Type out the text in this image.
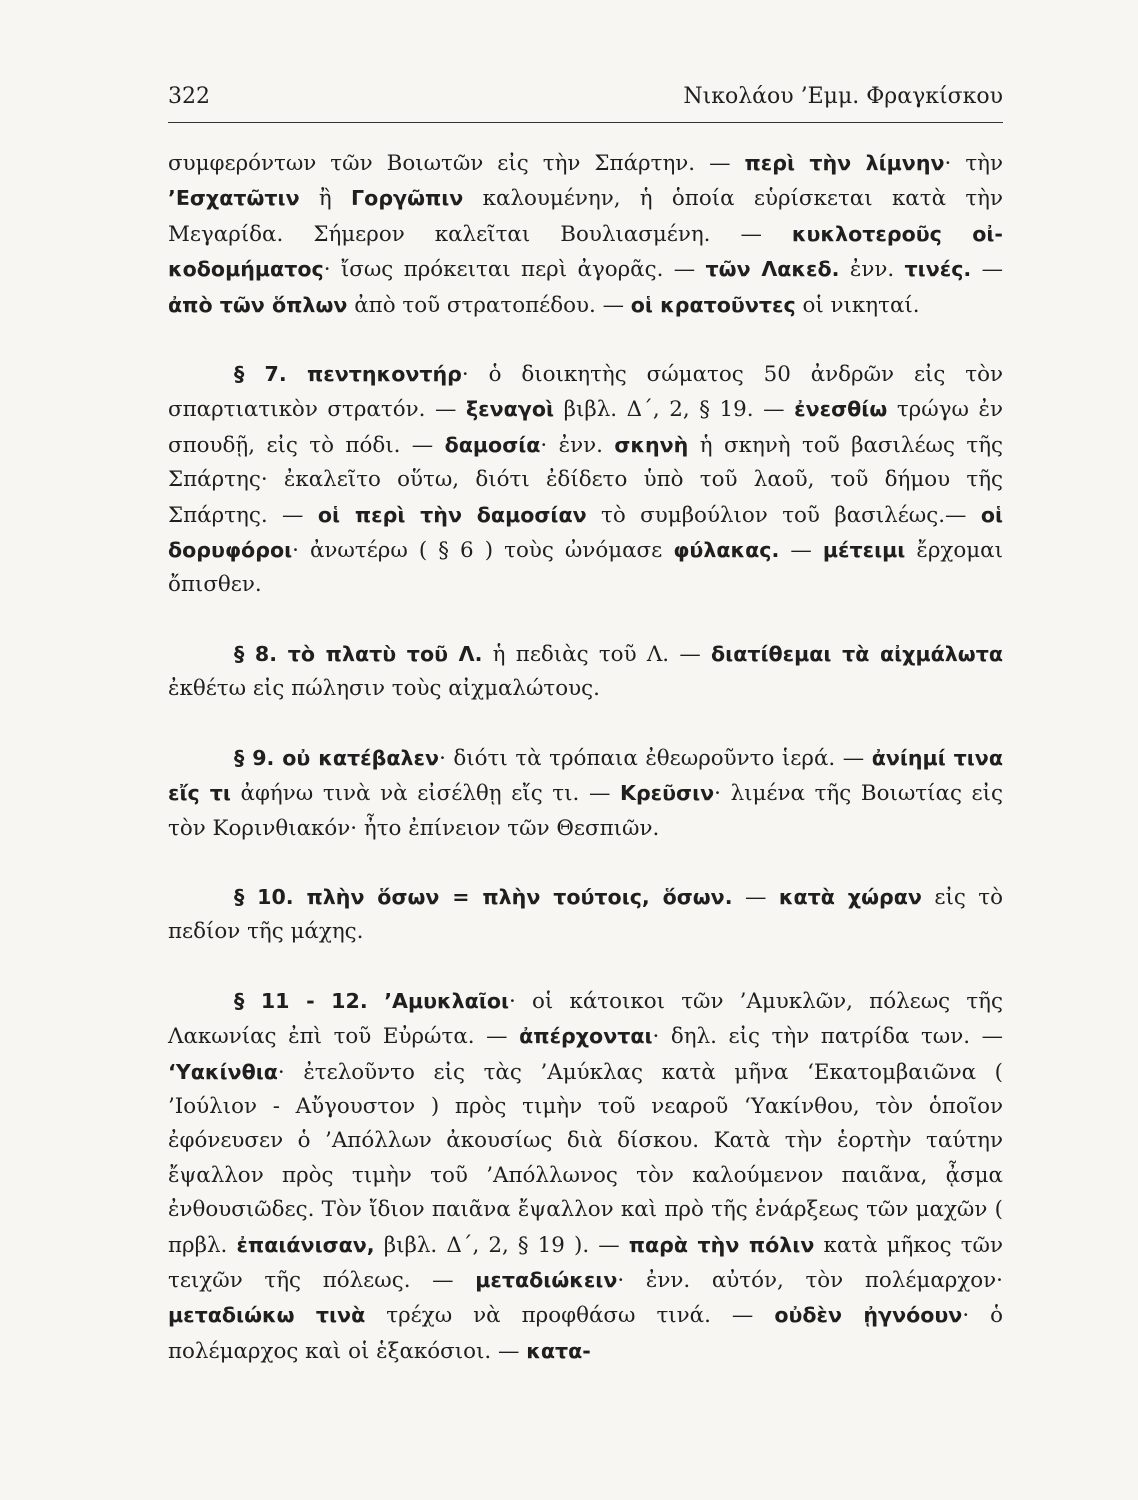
322	Νικολάου ’Εμμ. Φραγκίσκου

συμφερόντων τῶν Βοιωτῶν εἰς τὴν Σπάρτην. — περὶ τὴν λίμνην· τὴν ’Εσχατῶτιν ἢ Γοργῶπιν καλουμένην, ἡ ὁποία εὑρίσκεται κατὰ τὴν Μεγαρίδα. Σήμερον καλεῖται Βουλιασμένη. — κυκλοτεροῦς οἰκοδομήματος· ἴσως πρόκειται περὶ ἀγορᾶς. — τῶν Λακεδ. ἐνν. τινές. — ἀπὸ τῶν ὅπλων ἀπὸ τοῦ στρατοπέδου. — οἱ κρατοῦντες οἱ νικηταί.

§ 7. πεντηκοντήρ· ὁ διοικητὴς σώματος 50 ἀνδρῶν εἰς τὸν σπαρτιατικὸν στρατόν. — ξεναγοὶ βιβλ. Δ΄, 2, § 19. — ἐνεσθίω τρώγω ἐν σπουδῇ, εἰς τὸ πόδι. — δαμοσία· ἐνν. σκηνὴ ἡ σκηνὴ τοῦ βασιλέως τῆς Σπάρτης· ἐκαλεῖτο οὕτω, διότι ἐδίδετο ὑπὸ τοῦ λαοῦ, τοῦ δήμου τῆς Σπάρτης. — οἱ περὶ τὴν δαμοσίαν τὸ συμβούλιον τοῦ βασιλέως.— οἱ δορυφόροι· ἀνωτέρω ( § 6 ) τοὺς ὠνόμασε φύλακας. — μέτειμι ἔρχομαι ὄπισθεν.

§ 8. τὸ πλατὺ τοῦ Λ. ἡ πεδιὰς τοῦ Λ. — διατίθεμαι τὰ αἰχμάλωτα ἐκθέτω εἰς πώλησιν τοὺς αἰχμαλώτους.

§ 9. οὐ κατέβαλεν· διότι τὰ τρόπαια ἐθεωροῦντο ἱερά. — ἀνίημί τινα εἴς τι ἀφήνω τινὰ νὰ εἰσέλθῃ εἴς τι. — Κρεῦσιν· λιμένα τῆς Βοιωτίας εἰς τὸν Κορινθιακόν· ἦτο ἐπίνειον τῶν Θεσπιῶν.

§ 10. πλὴν ὅσων = πλὴν τούτοις, ὅσων. — κατὰ χώραν εἰς τὸ πεδίον τῆς μάχης.

§ 11 - 12. ’Αμυκλαῖοι· οἱ κάτοικοι τῶν ’Αμυκλῶν, πόλεως τῆς Λακωνίας ἐπὶ τοῦ Εὐρώτα. — ἀπέρχονται· δηλ. εἰς τὴν πατρίδα των. — ‘Υακίνθια· ἐτελοῦντο εἰς τὰς ’Αμύκλας κατὰ μῆνα ‘Εκατομβαιῶνα ( ’Ιούλιον - Αὔγουστον ) πρὸς τιμὴν τοῦ νεαροῦ ‘Υακίνθου, τὸν ὁποῖον ἐφόνευσεν ὁ ’Απόλλων ἀκουσίως διὰ δίσκου. Κατὰ τὴν ἑορτὴν ταύτην ἔψαλλον πρὸς τιμὴν τοῦ ’Απόλλωνος τὸν καλούμενον παιᾶνα, ᾆσμα ἐνθουσιῶδες. Τὸν ἴδιον παιᾶνα ἔψαλλον καὶ πρὸ τῆς ἐνάρξεως τῶν μαχῶν ( πρβλ. ἐπαιάνισαν, βιβλ. Δ΄, 2, § 19 ). — παρὰ τὴν πόλιν κατὰ μῆκος τῶν τειχῶν τῆς πόλεως. — μεταδιώκειν· ἐνν. αὐτόν, τὸν πολέμαρχον· μεταδιώκω τινὰ τρέχω νὰ προφθάσω τινά. — οὐδὲν ᾐγνόουν· ὁ πολέμαρχος καὶ οἱ ἑξακόσιοι. — κατα-
